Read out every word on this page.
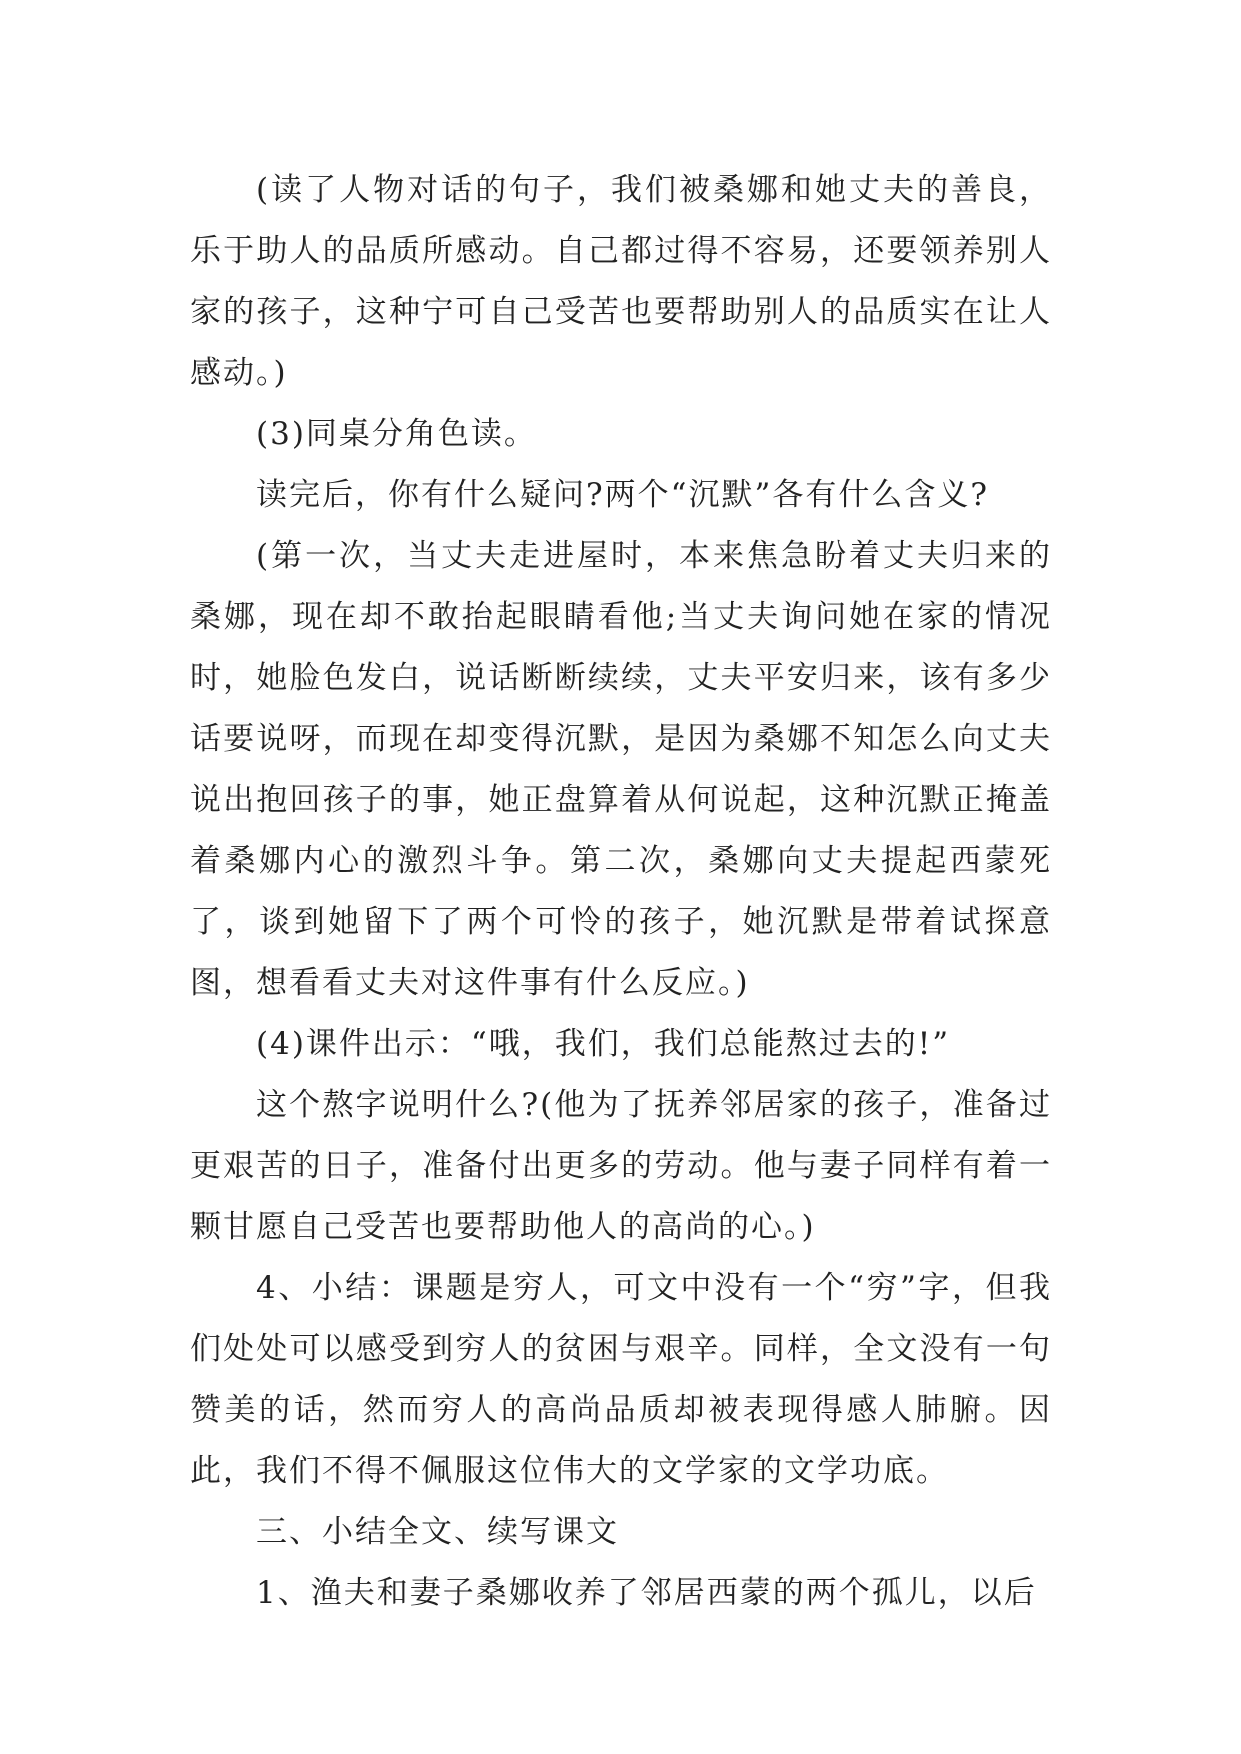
(读了人物对话的句子，我们被桑娜和她丈夫的善良，乐于助人的品质所感动。自己都过得不容易，还要领养别人家的孩子，这种宁可自己受苦也要帮助别人的品质实在让人感动。)

(3)同桌分角色读。

读完后，你有什么疑问?两个“沉默”各有什么含义?

(第一次，当丈夫走进屋时，本来焦急盼着丈夫归来的桑娜，现在却不敢抬起眼睛看他;当丈夫询问她在家的情况时，她脸色发白，说话断断续续，丈夫平安归来，该有多少话要说呀，而现在却变得沉默，是因为桑娜不知怎么向丈夫说出抱回孩子的事，她正盘算着从何说起，这种沉默正掩盖着桑娜内心的激烈斗争。第二次，桑娜向丈夫提起西蒙死了，谈到她留下了两个可怜的孩子，她沉默是带着试探意图，想看看丈夫对这件事有什么反应。)

(4)课件出示：“哦，我们，我们总能熬过去的!”

这个熬字说明什么?(他为了抚养邻居家的孩子，准备过更艰苦的日子，准备付出更多的劳动。他与妻子同样有着一颗甘愿自己受苦也要帮助他人的高尚的心。)

4、小结：课题是穷人，可文中没有一个“穷”字，但我们处处可以感受到穷人的贫困与艰辛。同样，全文没有一句赞美的话，然而穷人的高尚品质却被表现得感人肺腑。因此，我们不得不佩服这位伟大的文学家的文学功底。

三、小结全文、续写课文

1、渔夫和妻子桑娜收养了邻居西蒙的两个孤儿，以后
